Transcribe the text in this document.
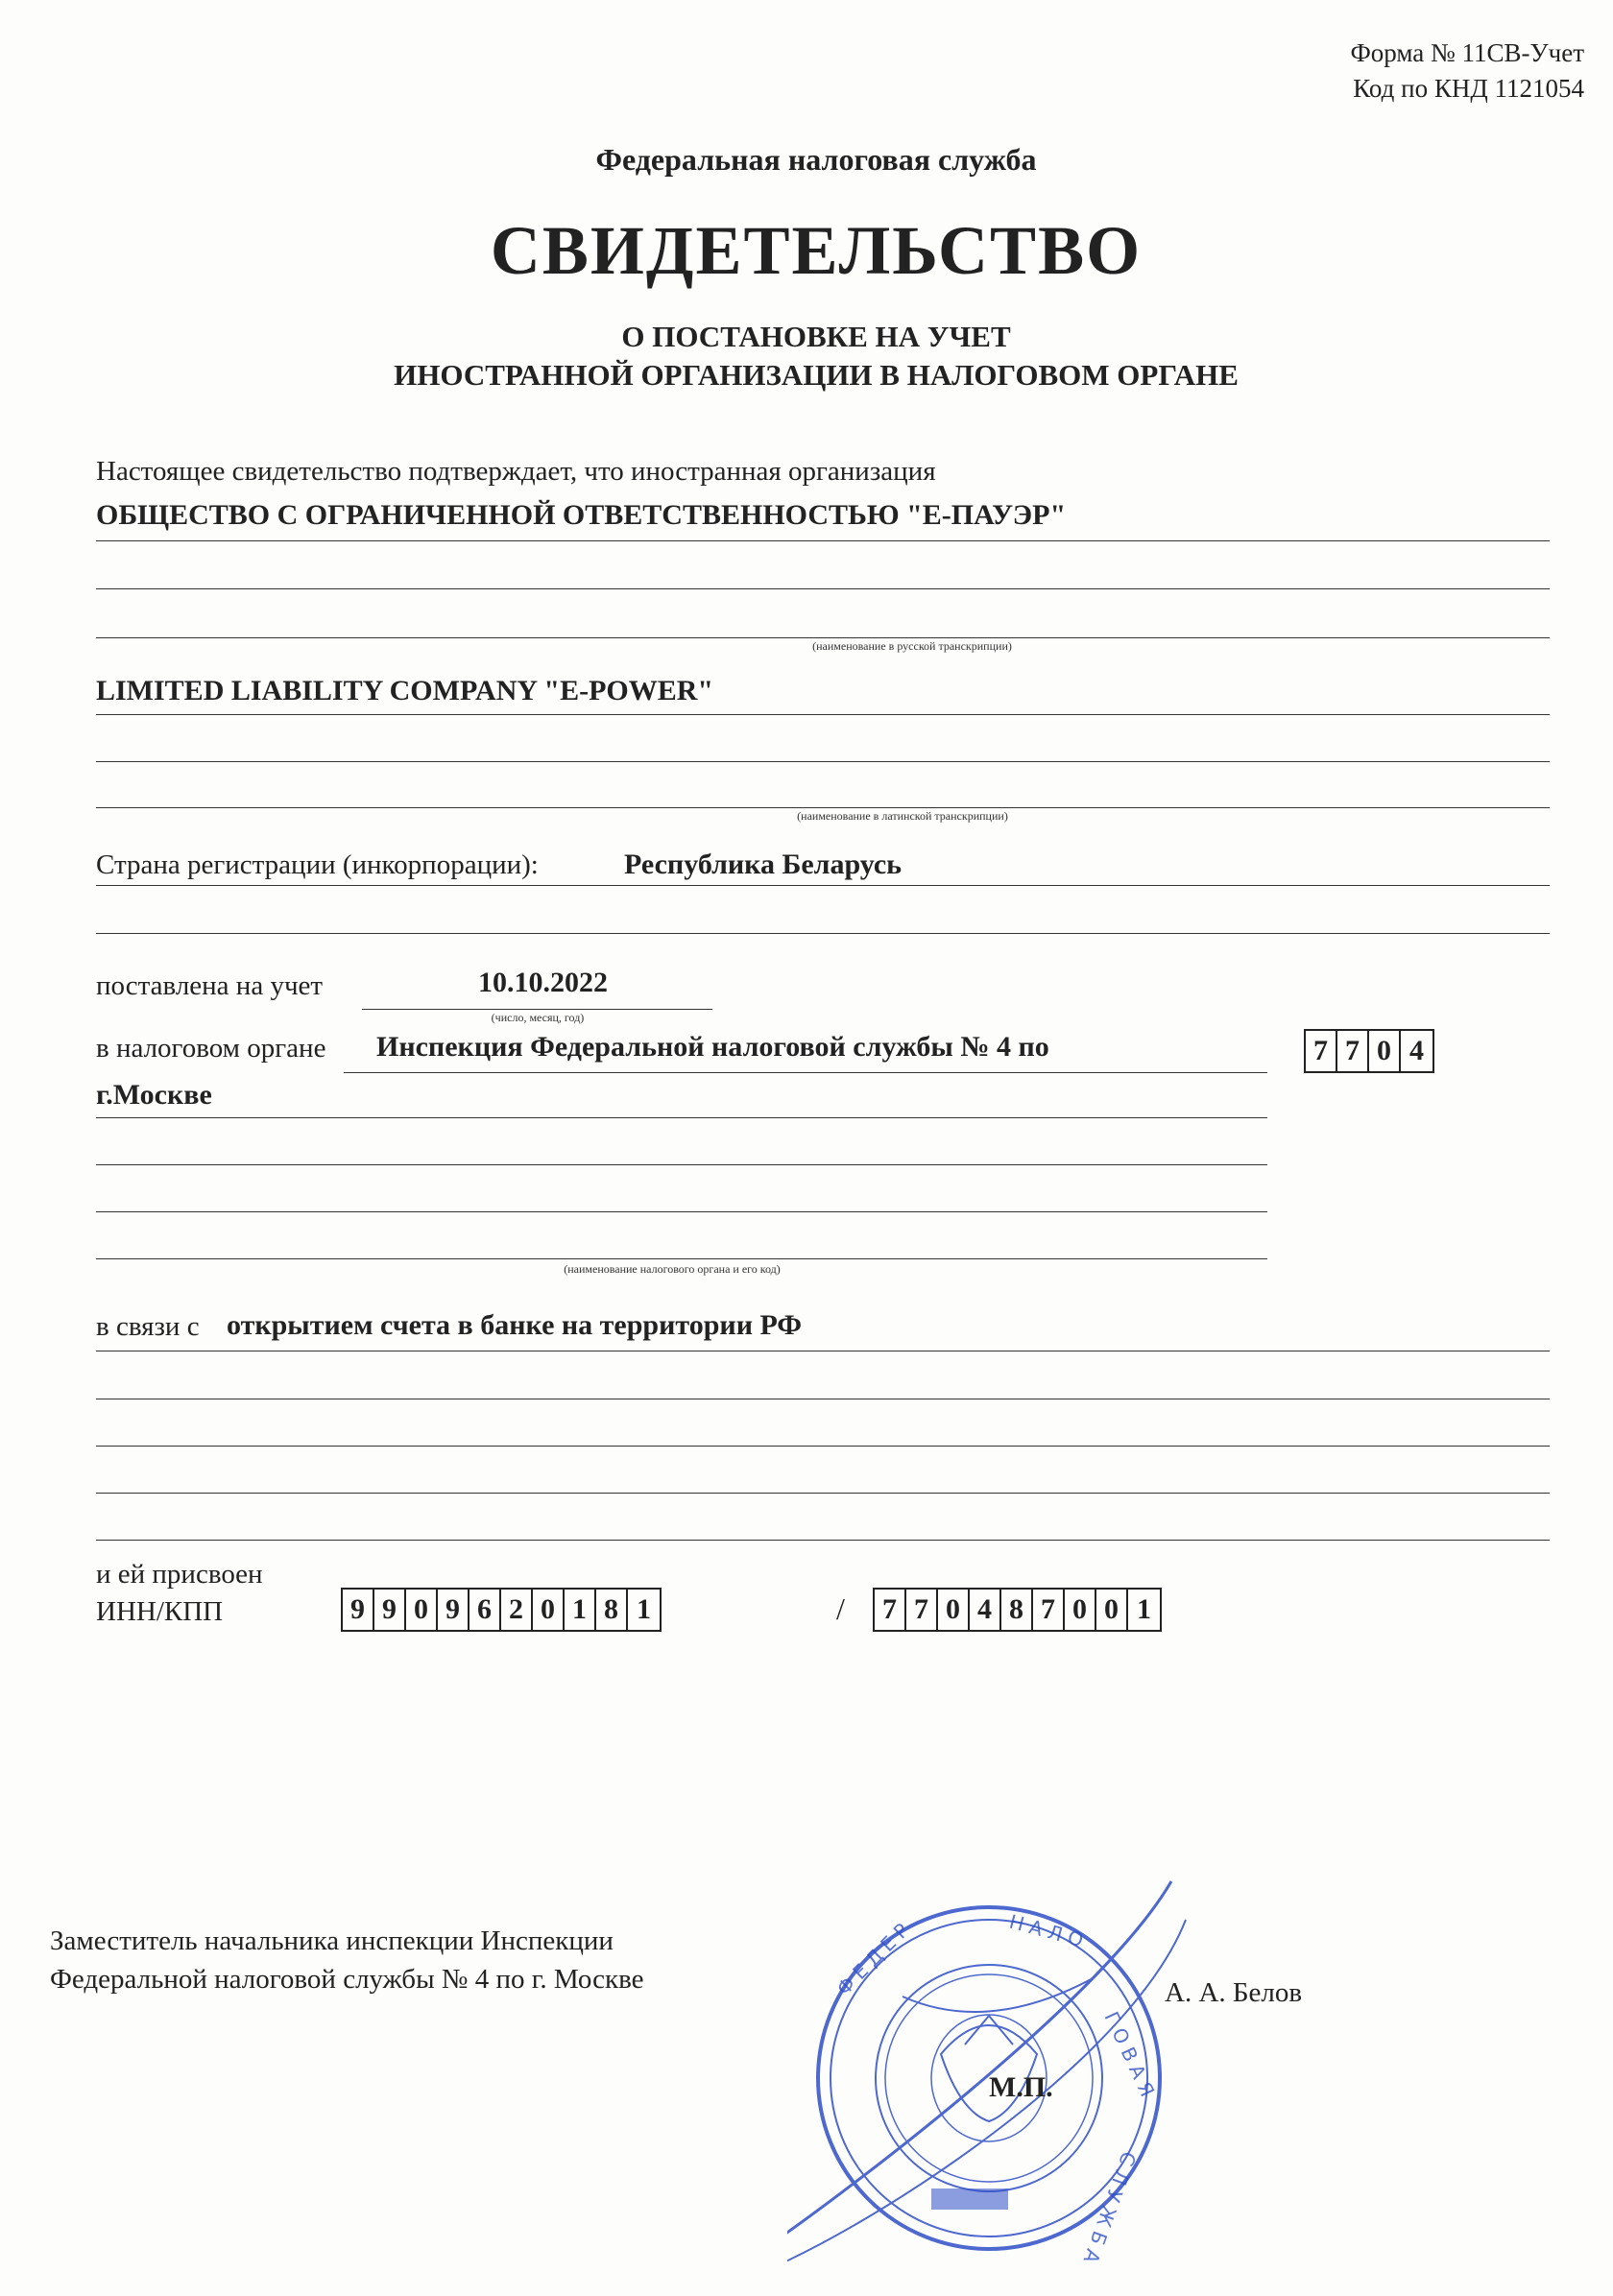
Форма № 11СВ-Учет
Код по КНД 1121054
Федеральная налоговая служба
СВИДЕТЕЛЬСТВО
О ПОСТАНОВКЕ НА УЧЕТ
ИНОСТРАННОЙ ОРГАНИЗАЦИИ В НАЛОГОВОМ ОРГАНЕ
Настоящее свидетельство подтверждает, что иностранная организация
ОБЩЕСТВО С ОГРАНИЧЕННОЙ ОТВЕТСТВЕННОСТЬЮ "Е-ПАУЭР"
(наименование в русской транскрипции)
LIMITED LIABILITY COMPANY "E-POWER"
(наименование в латинской транскрипции)
Страна регистрации (инкорпорации):	Республика Беларусь
поставлена на учет	10.10.2022
(число, месяц, год)
в налоговом органе Инспекция Федеральной налоговой службы № 4 по	7 7 0 4
г.Москве
(наименование налогового органа и его код)
в связи с открытием счета в банке на территории РФ
и ей присвоен
ИНН/КПП	9 9 0 9 6 2 0 1 8 1	/ 7 7 0 4 8 7 0 0 1
Заместитель начальника инспекции Инспекции
Федеральной налоговой службы № 4 по г. Москве	Ф Е Д Е Р	Н А Л О
Г О В А Я
С Л У Ж Б А
М.П.
А. А. Белов
